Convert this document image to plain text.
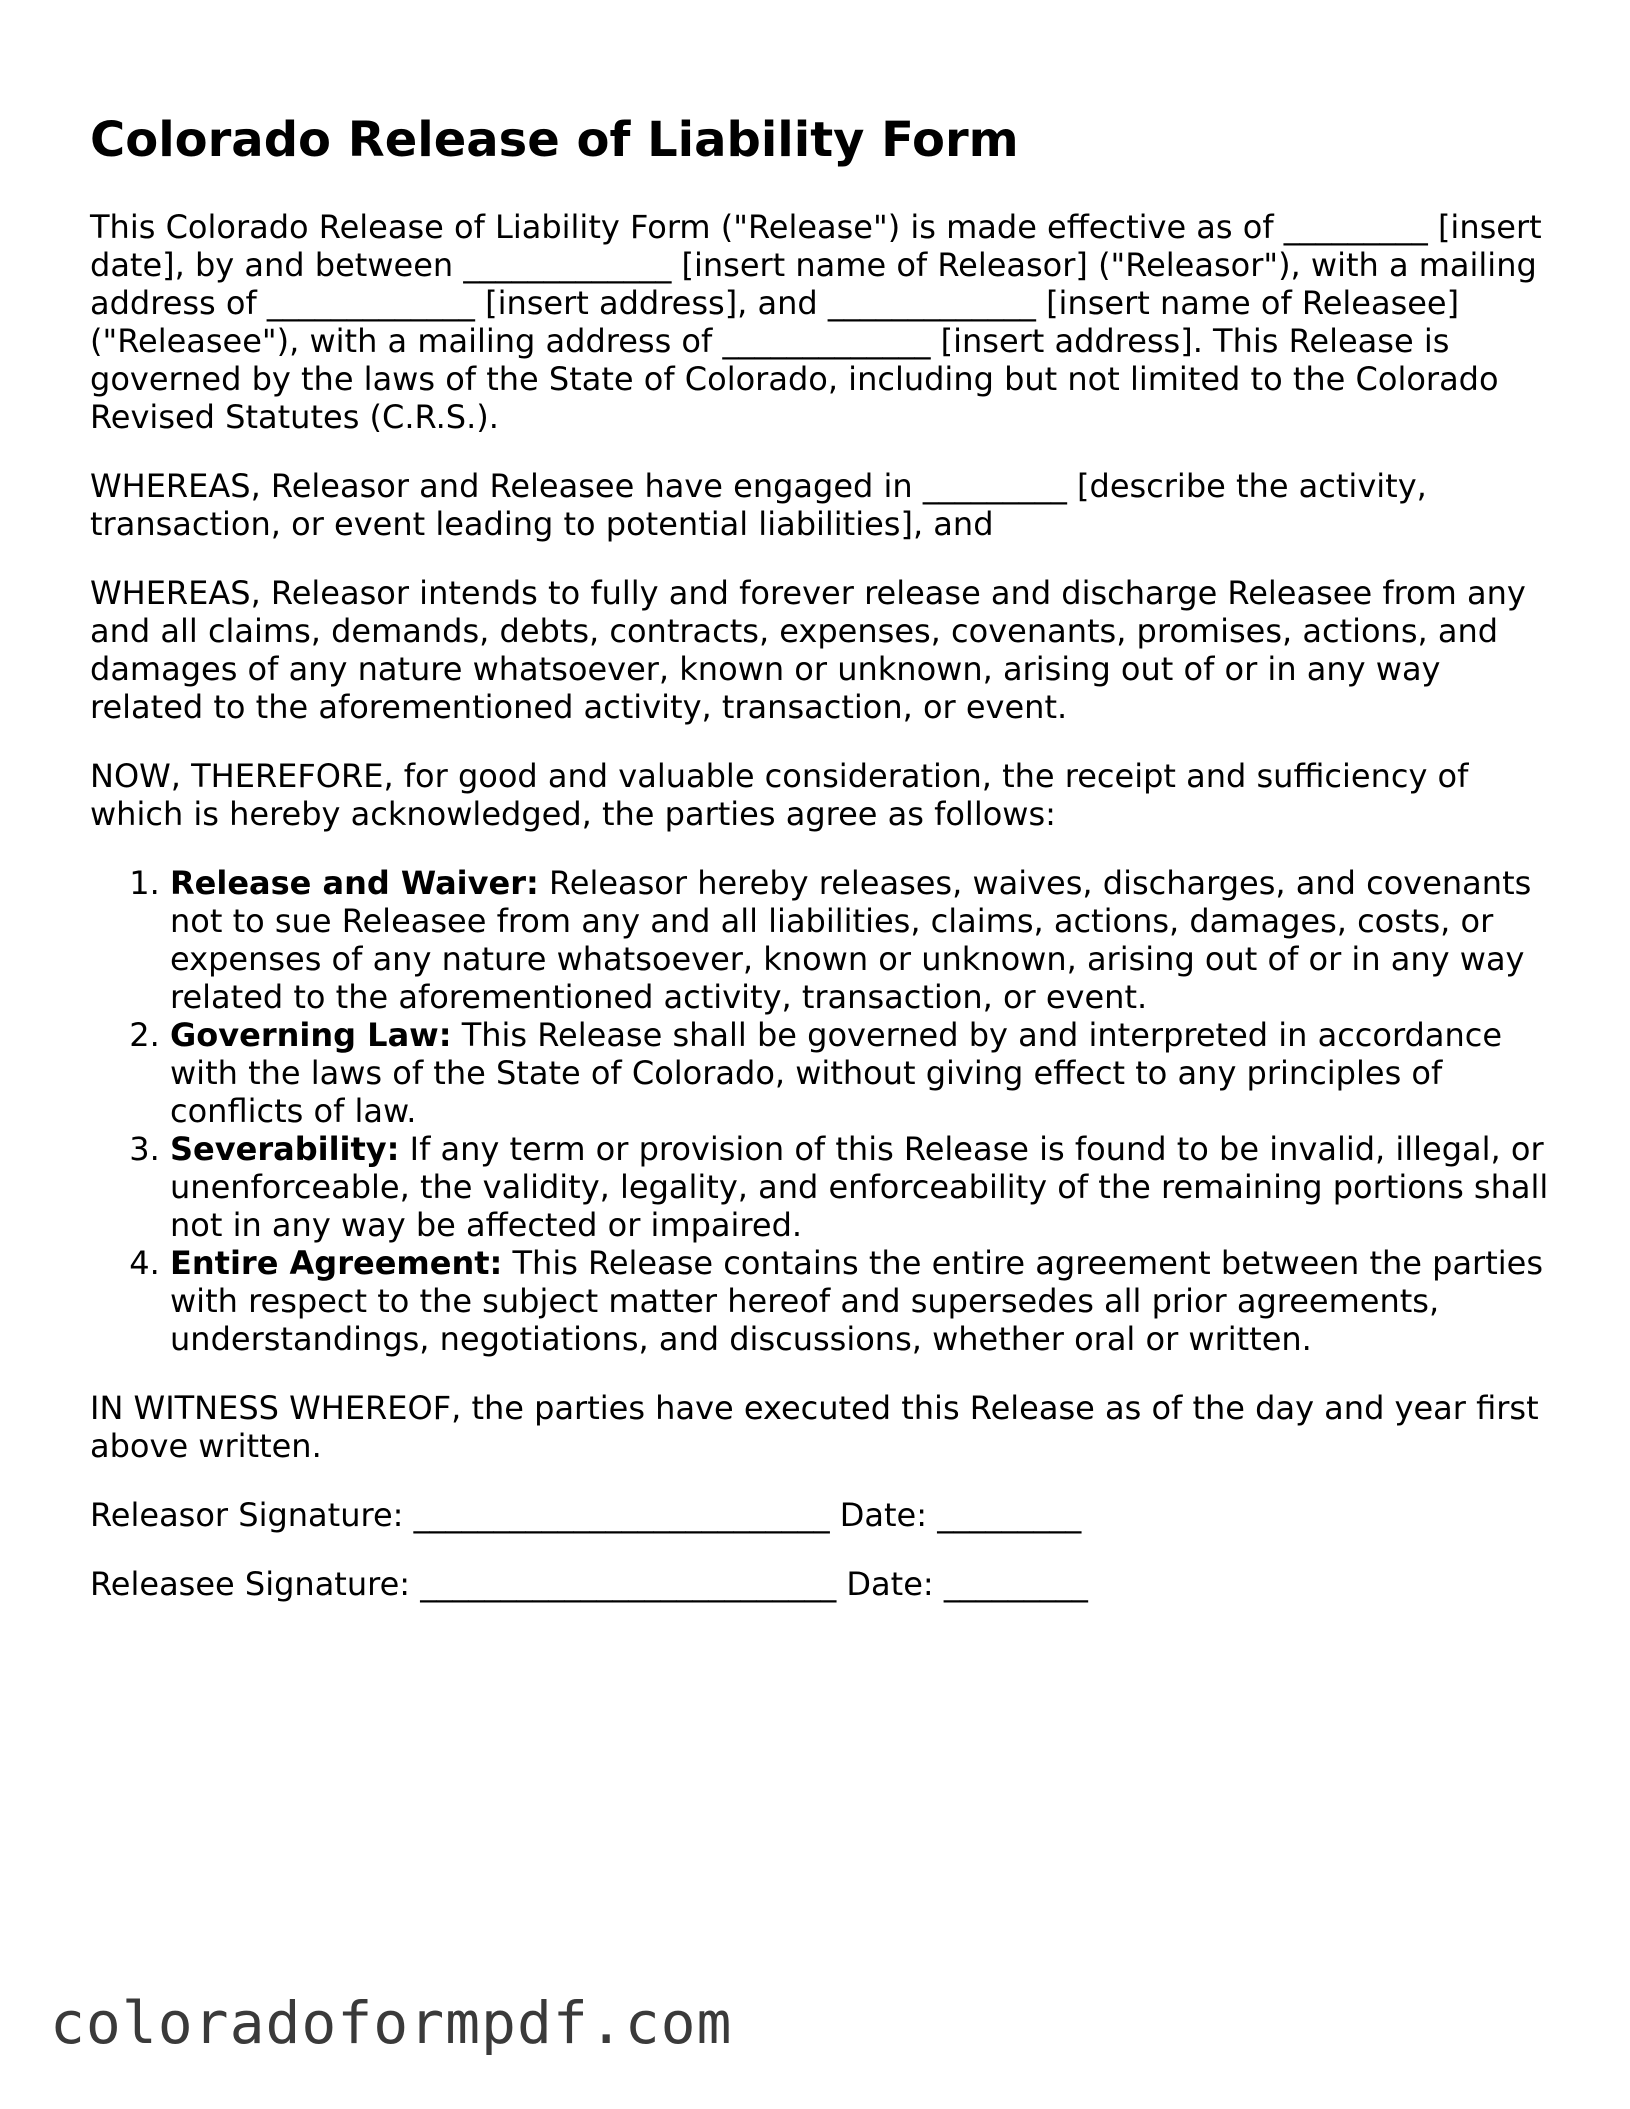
Colorado Release of Liability Form

This Colorado Release of Liability Form ("Release") is made effective as of _________ [insert date], by and between _____________ [insert name of Releasor] ("Releasor"), with a mailing address of _____________ [insert address], and _____________ [insert name of Releasee] ("Releasee"), with a mailing address of _____________ [insert address]. This Release is governed by the laws of the State of Colorado, including but not limited to the Colorado Revised Statutes (C.R.S.).

WHEREAS, Releasor and Releasee have engaged in _________ [describe the activity, transaction, or event leading to potential liabilities], and

WHEREAS, Releasor intends to fully and forever release and discharge Releasee from any and all claims, demands, debts, contracts, expenses, covenants, promises, actions, and damages of any nature whatsoever, known or unknown, arising out of or in any way related to the aforementioned activity, transaction, or event.

NOW, THEREFORE, for good and valuable consideration, the receipt and sufficiency of which is hereby acknowledged, the parties agree as follows:

1. Release and Waiver: Releasor hereby releases, waives, discharges, and covenants not to sue Releasee from any and all liabilities, claims, actions, damages, costs, or expenses of any nature whatsoever, known or unknown, arising out of or in any way related to the aforementioned activity, transaction, or event.
2. Governing Law: This Release shall be governed by and interpreted in accordance with the laws of the State of Colorado, without giving effect to any principles of conflicts of law.
3. Severability: If any term or provision of this Release is found to be invalid, illegal, or unenforceable, the validity, legality, and enforceability of the remaining portions shall not in any way be affected or impaired.
4. Entire Agreement: This Release contains the entire agreement between the parties with respect to the subject matter hereof and supersedes all prior agreements, understandings, negotiations, and discussions, whether oral or written.

IN WITNESS WHEREOF, the parties have executed this Release as of the day and year first above written.

Releasor Signature: __________________________ Date: _________
Releasee Signature: __________________________ Date: _________
coloradoformpdf.com
